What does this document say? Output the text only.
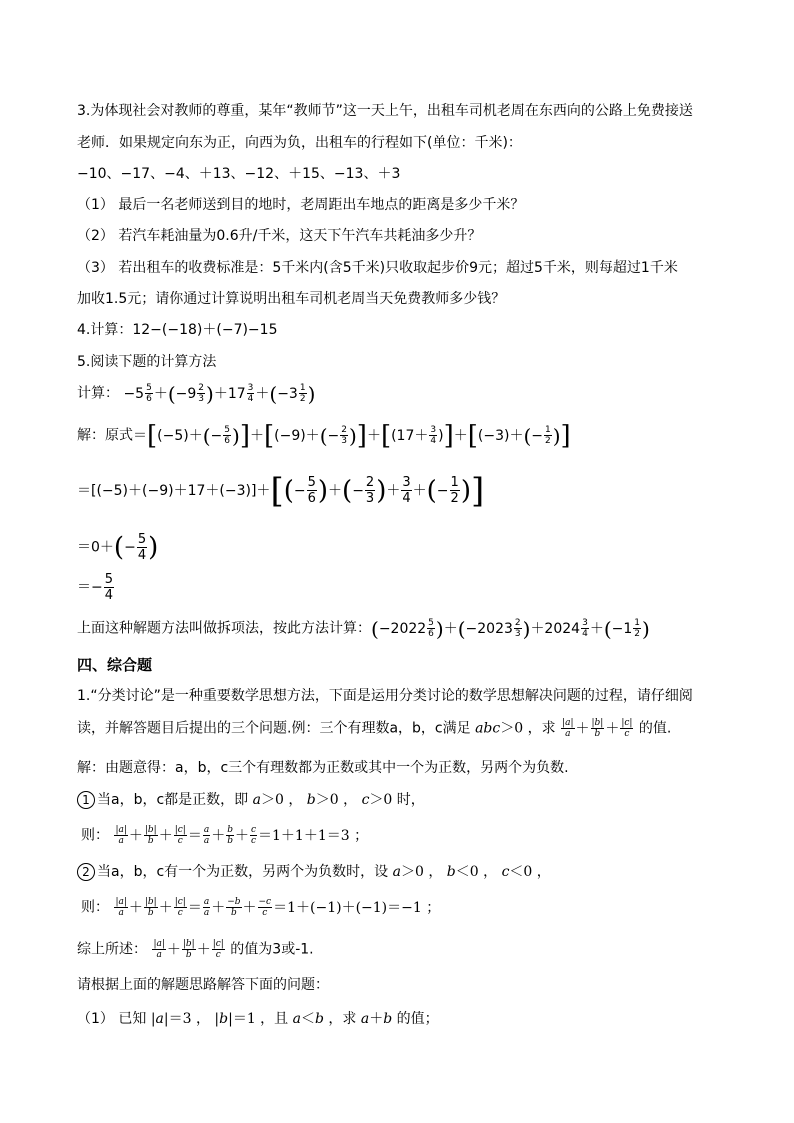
3.为体现社会对教师的尊重，某年“教师节”这一天上午，出租车司机老周在东西向的公路上免费接送
老师．如果规定向东为正，向西为负，出租车的行程如下(单位：千米)：
−10、−17、−4、＋13、−12、＋15、−13、＋3
（1） 最后一名老师送到目的地时，老周距出车地点的距离是多少千米？
（2） 若汽车耗油量为0.6升/千米，这天下午汽车共耗油多少升？
（3） 若出租车的收费标准是：5千米内(含5千米)只收取起步价9元；超过5千米，则每超过1千米
加收1.5元；请你通过计算说明出租车司机老周当天免费教师多少钱？
4.计算：12−(−18)＋(−7)−15
5.阅读下题的计算方法
计算： $-5 \frac{5}{6} +(-9 \frac{2}{3} )+17 \frac{3}{4} +(-3 \frac{1}{2}$ )
解：原式$=[(-5)+(- \frac{5}{6} )]+[(-9)+(- \frac{2}{3} )]+[(17+ \frac{3}{4} )]+[(-3)+(- \frac{1}{2}$ )]
$=[(-5)+(-9)+17+(-3)]+[(- \frac{5}{6}$ )＋(− $\frac{2}{3}$ )＋ $\frac{3}{4}$ ＋(− $\frac{1}{2}$ )]
$=0+(- \frac{5}{4}$ )
＝− $\frac{5}{4}$
上面这种解题方法叫做拆项法，按此方法计算：$(-2022 \frac{5}{6} )+(-2023 \frac{2}{3} )+2024 \frac{3}{4} +(-1 \frac{1}{2}$ )
四、综合题
1.“分类讨论”是一种重要数学思想方法，下面是运用分类讨论的数学思想解决问题的过程，请仔细阅
读，并解答题目后提出的三个问题.例：三个有理数a，b，c满足 abc＞0 ，求 $\frac{|a|}{a} + \frac{|b|}{b} + \frac{|c|}{c}$ 的值.
解：由题意得：a，b，c三个有理数都为正数或其中一个为正数，另两个为负数.
1 当a，b，c都是正数，即 a＞0 ， b＞0 ， c＞0 时，
则： $\frac{|a|}{a} + \frac{|b|}{b} + \frac{|c|}{c} = \frac{a}{a} + \frac{b}{b} + \frac{c}{c} =1+1+1=3$ ；
2 当a，b，c有一个为正数，另两个为负数时，设 a＞0 ， b＜0 ， c＜0 ，
则： $\frac{|a|}{a} + \frac{|b|}{b} + \frac{|c|}{c} = \frac{a}{a} + \frac{-b}{b} + \frac{-c}{c} =1+(-1)+(-1)=-1$ ；
综上所述： $\frac{|a|}{a} + \frac{|b|}{b} + \frac{|c|}{c}$ 的值为3或-1.
请根据上面的解题思路解答下面的问题：
（1） 已知 |a|＝3 ， |b|＝1 ，且 a＜b ，求 a＋b 的值；
